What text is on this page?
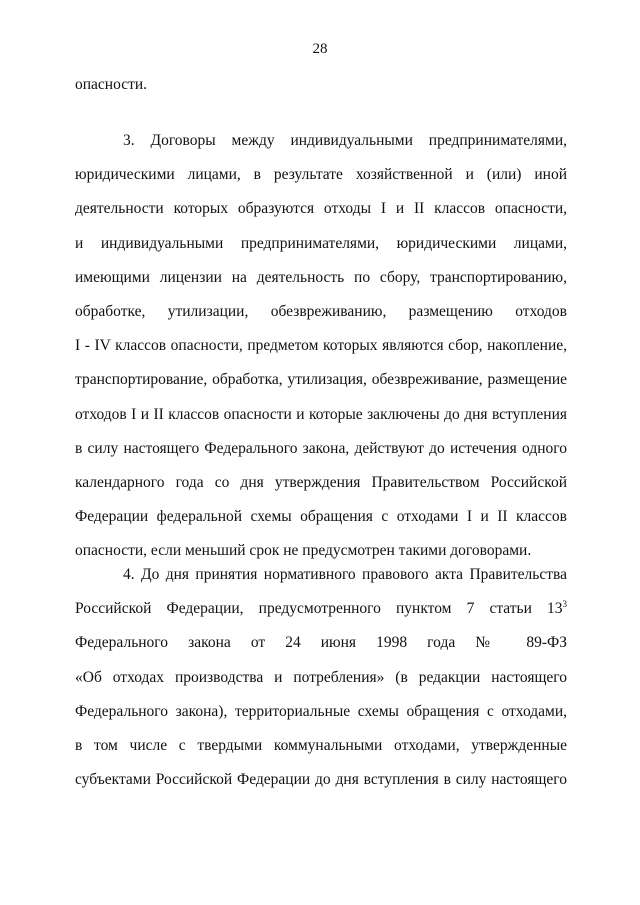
28
опасности.
3. Договоры между индивидуальными предпринимателями,
юридическими лицами, в результате хозяйственной и (или) иной
деятельности которых образуются отходы I и II классов опасности,
и индивидуальными предпринимателями, юридическими лицами,
имеющими лицензии на деятельность по сбору, транспортированию,
обработке, утилизации, обезвреживанию, размещению отходов
I - IV классов опасности, предметом которых являются сбор, накопление,
транспортирование, обработка, утилизация, обезвреживание, размещение
отходов I и II классов опасности и которые заключены до дня вступления
в силу настоящего Федерального закона, действуют до истечения одного
календарного года со дня утверждения Правительством Российской
Федерации федеральной схемы обращения с отходами I и II классов
опасности, если меньший срок не предусмотрен такими договорами.
4. До дня принятия нормативного правового акта Правительства
Российской Федерации, предусмотренного пунктом 7 статьи $13^3$
Федерального закона от 24 июня 1998 года № 89-ФЗ
«Об отходах производства и потребления» (в редакции настоящего
Федерального закона), территориальные схемы обращения с отходами,
в том числе с твердыми коммунальными отходами, утвержденные
субъектами Российской Федерации до дня вступления в силу настоящего
